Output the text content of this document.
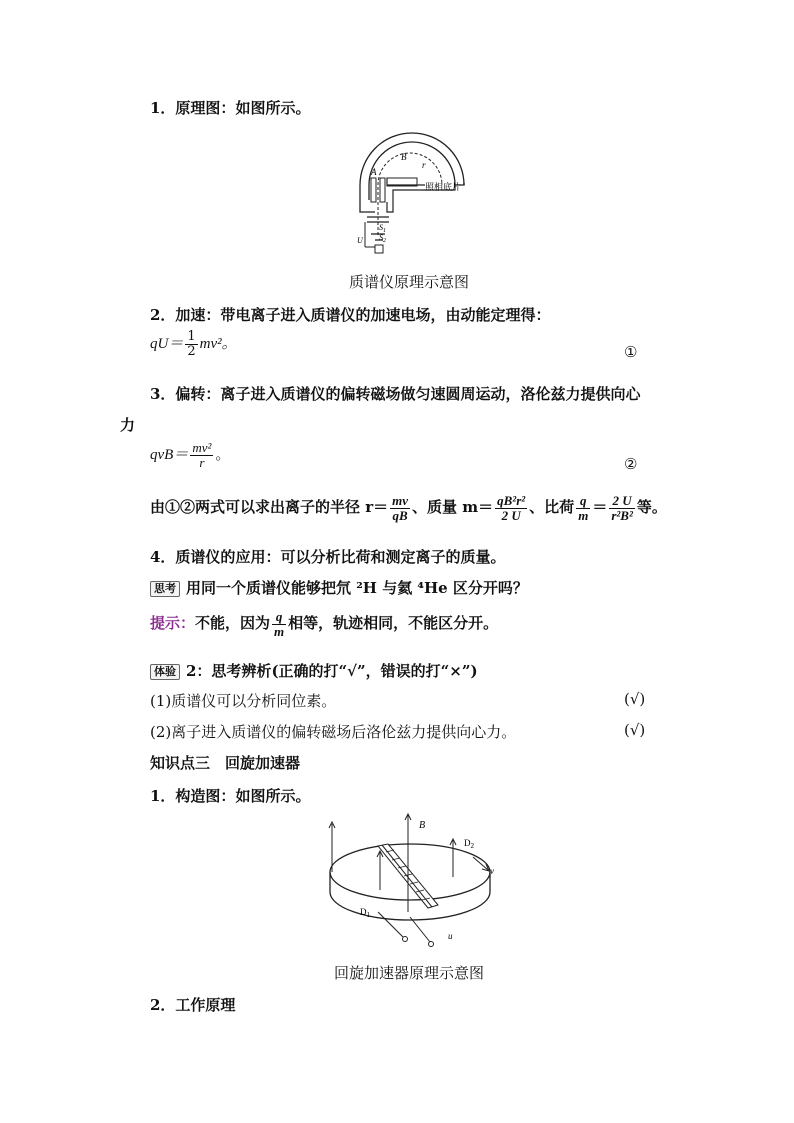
1．原理图：如图所示。
A
B
r
照相底片
$S_1$
$S_2$
U
质谱仪原理示意图
2．加速：带电离子进入质谱仪的加速电场，由动能定理得：
$qU= \frac{1}{2} mv^2$。	①
3．偏转：离子进入质谱仪的偏转磁场做匀速圆周运动，洛伦兹力提供向心
力
$qvB= \frac{\text{mv²}}{r}$ 。
②
由①②两式可以求出离子的半径 $r= \frac{mv}{qB}$ 、质量 $m= \frac{\text{qB²r²}}{2 U}$ 、比荷 $\frac{q}{m} = \frac{2 U}{\text{r²B²}}$ 等。
4．质谱仪的应用：可以分析比荷和测定离子的质量。
思考 用同一个质谱仪能够把氘 ²H 与氦 ⁴He 区分开吗？
提示：不能，因为 $\frac{q}{m}$ 相等，轨迹相同，不能区分开。
体验 2：思考辨析(正确的打“√”，错误的打“×”)
(1)质谱仪可以分析同位素。	(√)
(2)离子进入质谱仪的偏转磁场后洛伦兹力提供向心力。	(√)
知识点三　回旋加速器
1．构造图：如图所示。
B
$D_2$
$D_1$
v
u
回旋加速器原理示意图
2．工作原理
